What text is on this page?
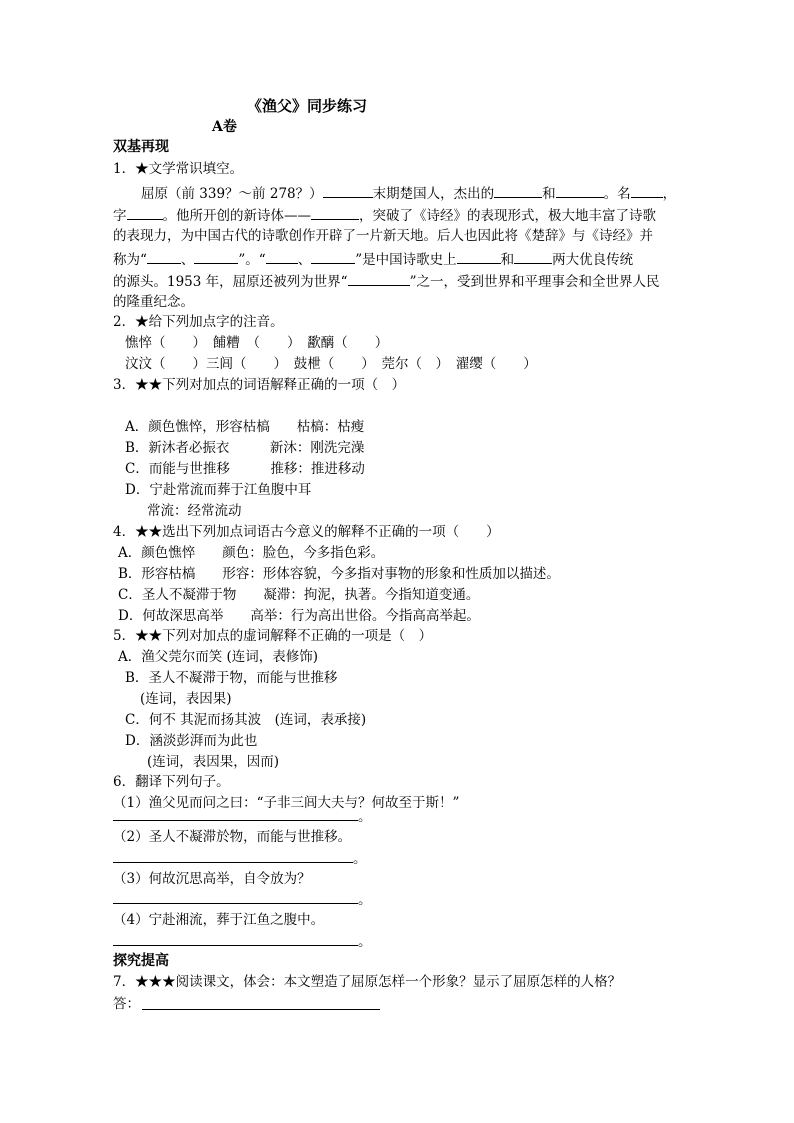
《渔父》同步练习
A卷
双基再现
1．★文学常识填空。
屈原（前 339？～前 278？）	末期楚国人，杰出的	和	。名 ，
字	。他所开创的新诗体——	，突破了《诗经》的表现形式，极大地丰富了诗歌
的表现力，为中国古代的诗歌创作开辟了一片新天地。后人也因此将《楚辞》与《诗经》并
称为“	、	”。“ 、	”是中国诗歌史上	和	两大优良传统
的源头。1953 年，屈原还被列为世界“	”之一，受到世界和平理事会和全世界人民
的隆重纪念。
2．★给下列加点字的注音。
憔悴（　　）　餔糟　（　　）　歠醨（　　）
汶汶（　　）三闾（　　）　鼓枻（　　）　莞尔（　）　濯缨（　　）
3．★★下列对加点的词语解释正确的一项（　）
A．颜色憔悴，形容枯槁　　枯槁：枯瘦
B．新沐者必振衣　　　新沐：刚洗完澡
C．而能与世推移　　　推移：推进移动
D．宁赴常流而葬于江鱼腹中耳
常流：经常流动
4．★★选出下列加点词语古今意义的解释不正确的一项（　　）
A．颜色憔悴　　颜色：脸色，今多指色彩。
B．形容枯槁　　形容：形体容貌，今多指对事物的形象和性质加以描述。
C．圣人不凝滞于物　　凝滞：拘泥，执著。今指知道变通。
D．何故深思高举　　高举：行为高出世俗。今指高高举起。
5．★★下列对加点的虚词解释不正确的一项是（　）
A．渔父莞尔而笑 (连词，表修饰)
B．圣人不凝滞于物，而能与世推移
(连词，表因果)
C．何不 其泥而扬其波　(连词，表承接)
D．涵淡彭湃而为此也
(连词，表因果，因而)
6．翻译下列句子。
（1）渔父见而问之曰：“子非三闾大夫与？何故至于斯！”
。
（2）圣人不凝滞於物，而能与世推移。
。
（3）何故沉思高举，自令放为？
。
（4）宁赴湘流，葬于江鱼之腹中。
。
探究提高
7．★★★阅读课文，体会：本文塑造了屈原怎样一个形象？显示了屈原怎样的人格？
答：
